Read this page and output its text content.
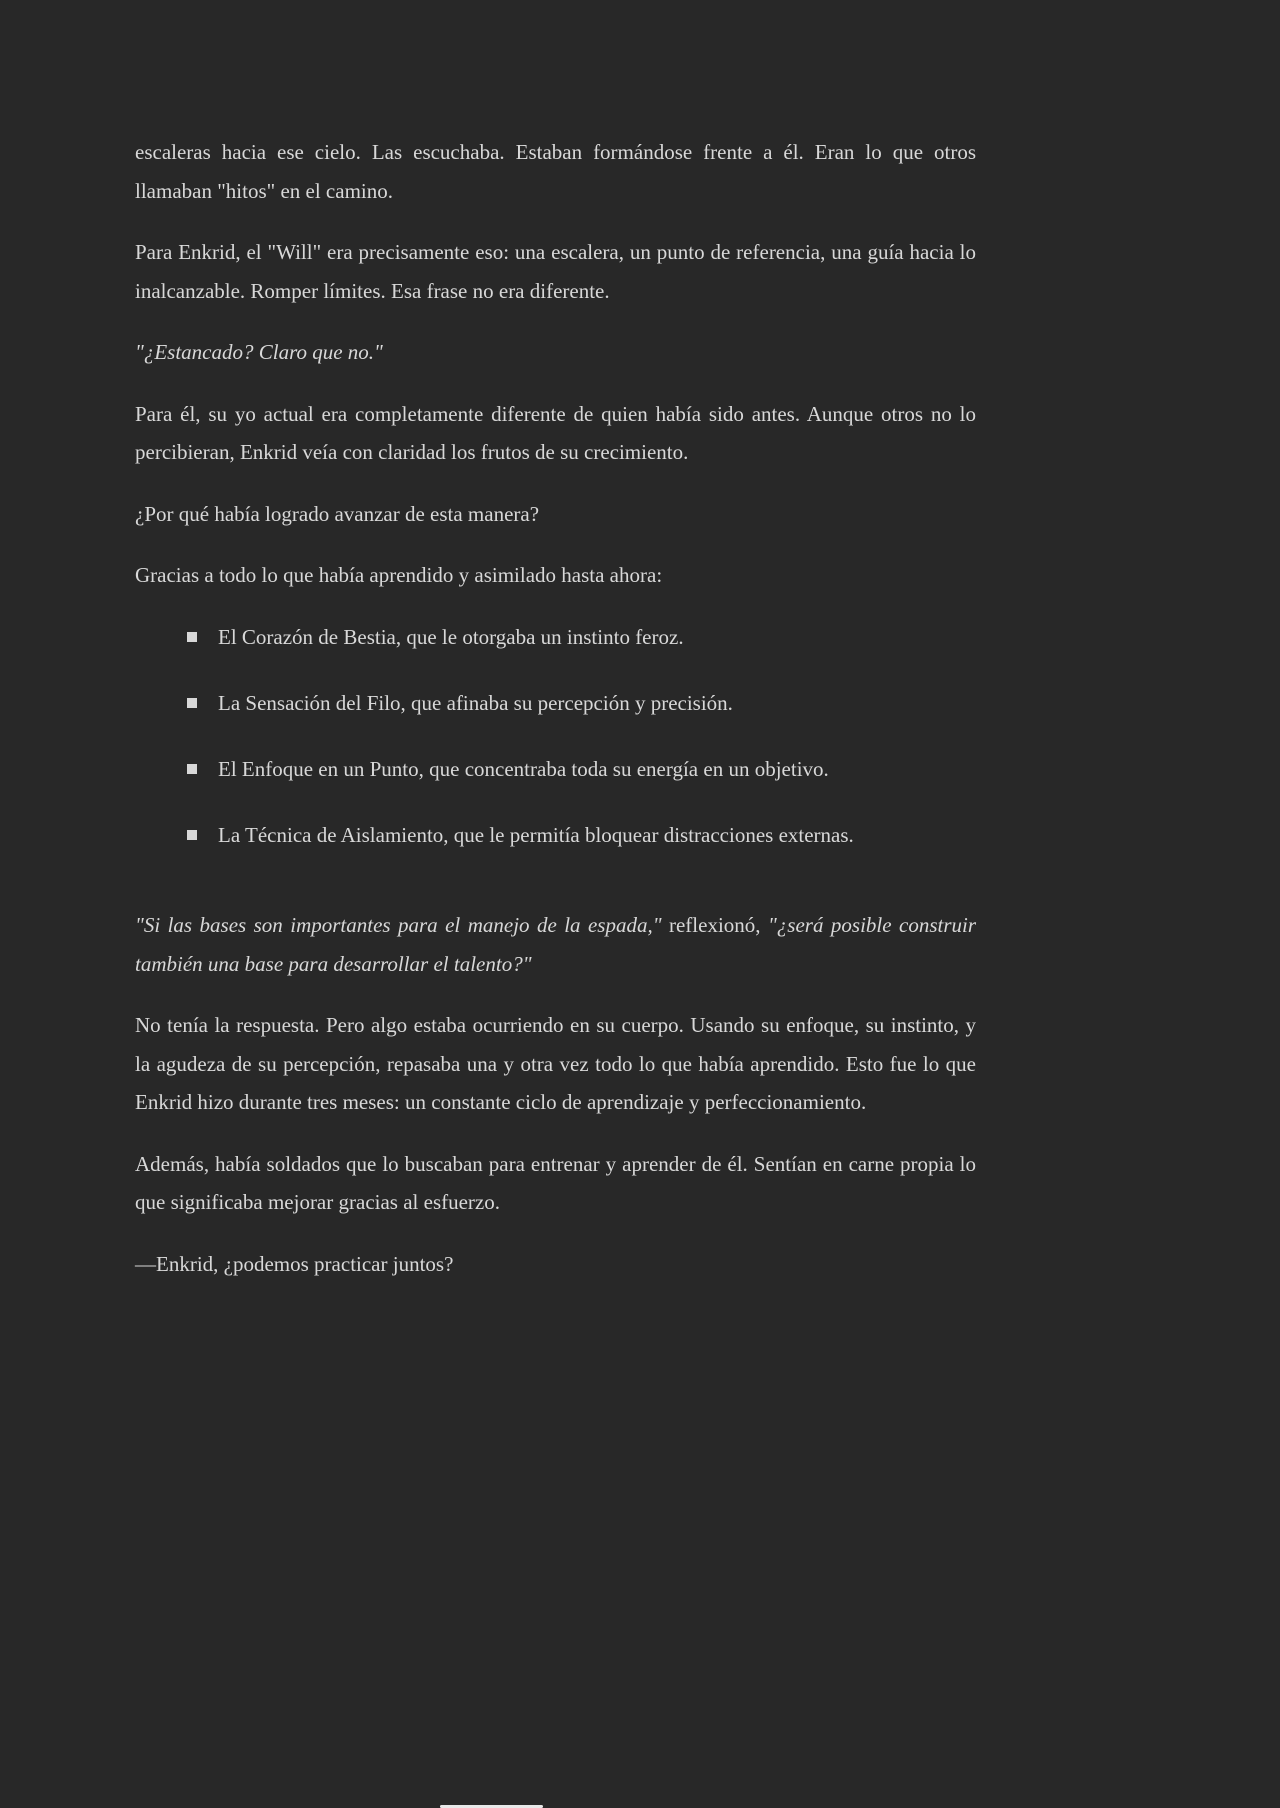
escaleras hacia ese cielo. Las escuchaba. Estaban formándose frente a él. Eran lo que otros llamaban "hitos" en el camino.

Para Enkrid, el "Will" era precisamente eso: una escalera, un punto de referencia, una guía hacia lo inalcanzable. Romper límites. Esa frase no era diferente.

"¿Estancado? Claro que no."

Para él, su yo actual era completamente diferente de quien había sido antes. Aunque otros no lo percibieran, Enkrid veía con claridad los frutos de su crecimiento.

¿Por qué había logrado avanzar de esta manera?

Gracias a todo lo que había aprendido y asimilado hasta ahora:

El Corazón de Bestia, que le otorgaba un instinto feroz.
La Sensación del Filo, que afinaba su percepción y precisión.
El Enfoque en un Punto, que concentraba toda su energía en un objetivo.
La Técnica de Aislamiento, que le permitía bloquear distracciones externas.

"Si las bases son importantes para el manejo de la espada," reflexionó, "¿será posible construir también una base para desarrollar el talento?"

No tenía la respuesta. Pero algo estaba ocurriendo en su cuerpo. Usando su enfoque, su instinto, y la agudeza de su percepción, repasaba una y otra vez todo lo que había aprendido. Esto fue lo que Enkrid hizo durante tres meses: un constante ciclo de aprendizaje y perfeccionamiento.

Además, había soldados que lo buscaban para entrenar y aprender de él. Sentían en carne propia lo que significaba mejorar gracias al esfuerzo.

—Enkrid, ¿podemos practicar juntos?
